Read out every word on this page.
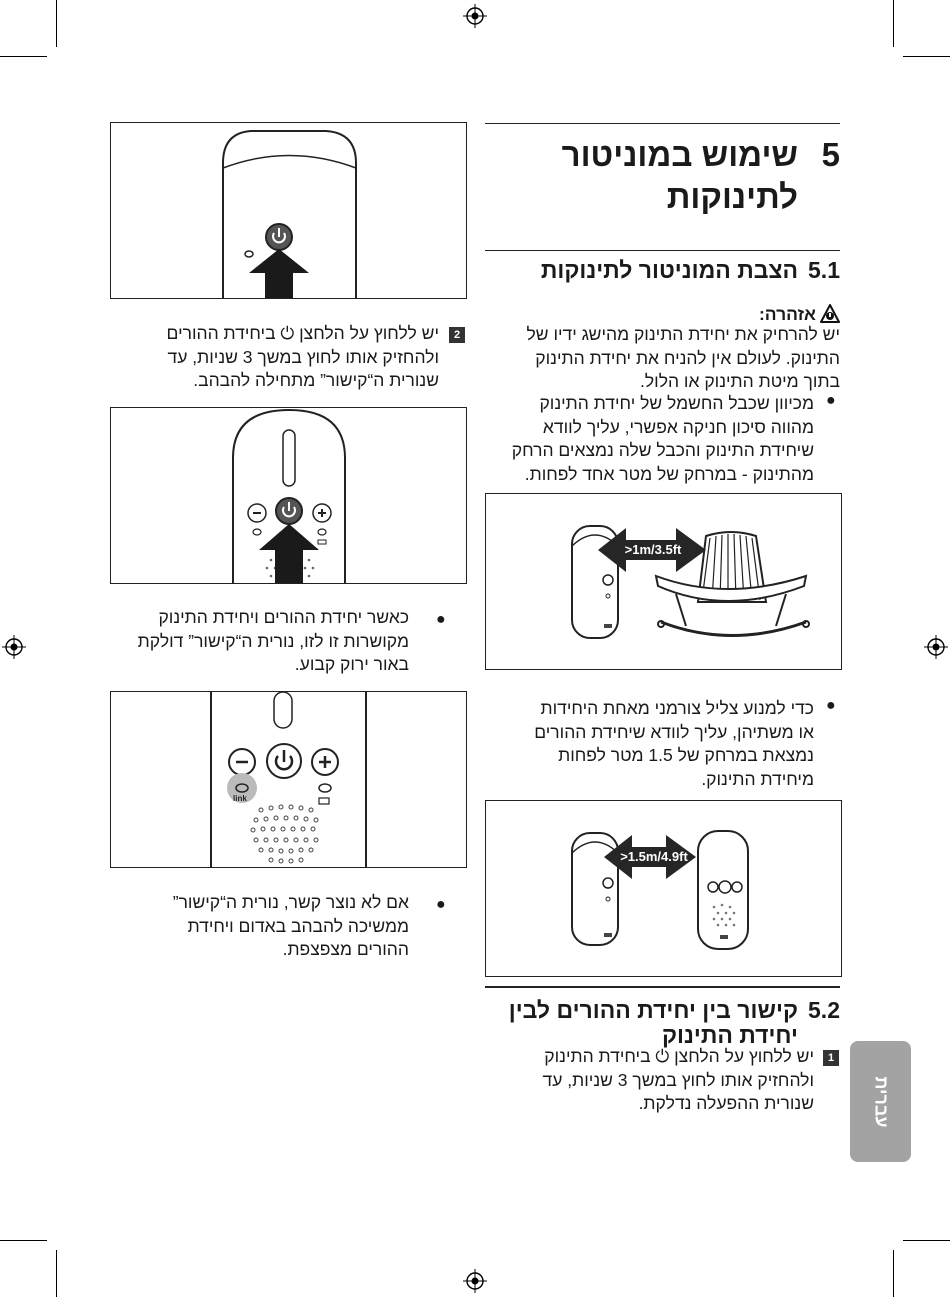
5שימוש במוניטור
לתינוקות
5.1הצבת המוניטור לתינוקות
אזהרה:
יש להרחיק את יחידת התינוק מהישג ידיו של
התינוק. לעולם אין להניח את יחידת התינוק
בתוך מיטת התינוק או הלול.
●
מכיוון שכבל החשמל של יחידת התינוק
מהווה סיכון חניקה אפשרי, עליך לוודא
שיחידת התינוק והכבל שלה נמצאים הרחק
מהתינוק - במרחק של מטר אחד לפחות.
>1m/3.5ft
●
כדי למנוע צליל צורמני מאחת היחידות
או משתיהן, עליך לוודא שיחידת ההורים
נמצאת במרחק של 1.5 מטר לפחות
מיחידת התינוק.
>1.5m/4.9ft
5.2קישור בין יחידת ההורים לבין
יחידת התינוק
1
יש ללחוץ על הלחצן ⏻ ביחידת התינוק
ולהחזיק אותו לחוץ במשך 3 שניות, עד
שנורית ההפעלה נדלקת.
2
יש ללחוץ על הלחצן ⏻ ביחידת ההורים
ולהחזיק אותו לחוץ במשך 3 שניות, עד
שנורית ה“קישור” מתחילה להבהב.
●
כאשר יחידת ההורים ויחידת התינוק
מקושרות זו לזו, נורית ה“קישור” דולקת
באור ירוק קבוע.
link
●
אם לא נוצר קשר, נורית ה“קישור”
ממשיכה להבהב באדום ויחידת
ההורים מצפצפת.
עברית
